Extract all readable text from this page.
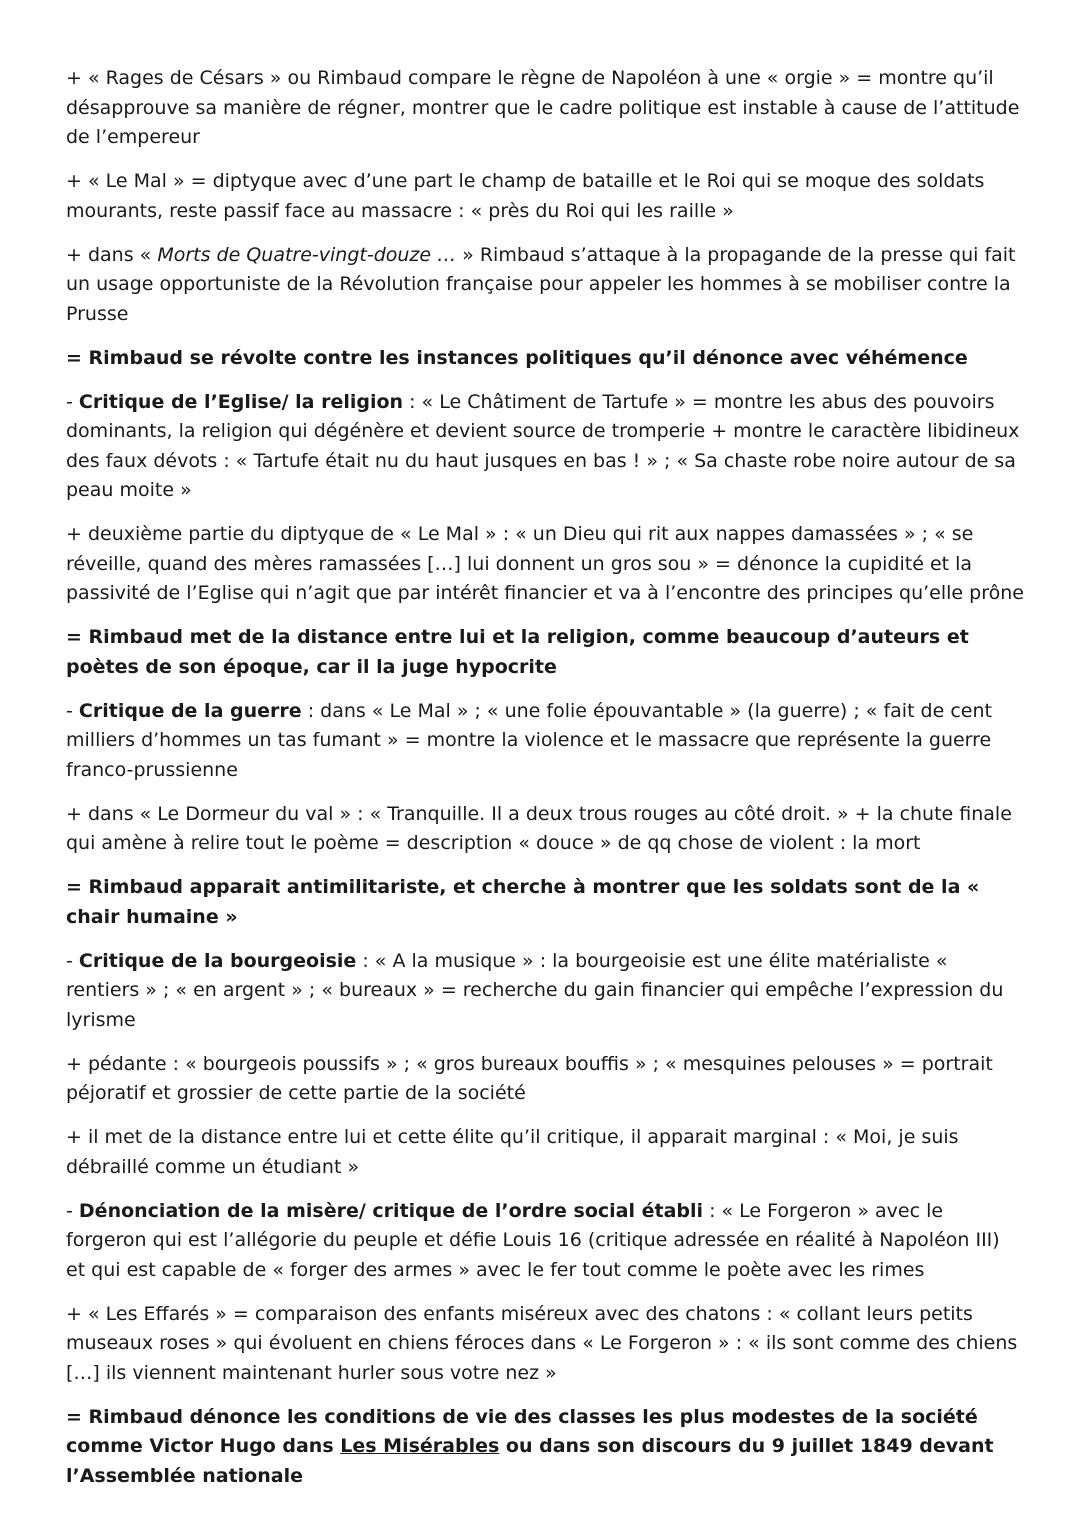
+ « Rages de Césars » ou Rimbaud compare le règne de Napoléon à une « orgie » = montre qu’il désapprouve sa manière de régner, montrer que le cadre politique est instable à cause de l’attitude de l’empereur

+ « Le Mal » = diptyque avec d’une part le champ de bataille et le Roi qui se moque des soldats mourants, reste passif face au massacre : « près du Roi qui les raille »

+ dans « Morts de Quatre-vingt-douze … » Rimbaud s’attaque à la propagande de la presse qui fait un usage opportuniste de la Révolution française pour appeler les hommes à se mobiliser contre la Prusse

= Rimbaud se révolte contre les instances politiques qu’il dénonce avec véhémence

- Critique de l’Eglise/ la religion : « Le Châtiment de Tartufe » = montre les abus des pouvoirs dominants, la religion qui dégénère et devient source de tromperie + montre le caractère libidineux des faux dévots : « Tartufe était nu du haut jusques en bas ! » ; « Sa chaste robe noire autour de sa peau moite »

+ deuxième partie du diptyque de « Le Mal » : « un Dieu qui rit aux nappes damassées » ; « se réveille, quand des mères ramassées […] lui donnent un gros sou » = dénonce la cupidité et la passivité de l’Eglise qui n’agit que par intérêt financier et va à l’encontre des principes qu’elle prône

= Rimbaud met de la distance entre lui et la religion, comme beaucoup d’auteurs et poètes de son époque, car il la juge hypocrite

- Critique de la guerre : dans « Le Mal » ; « une folie épouvantable » (la guerre) ; « fait de cent milliers d’hommes un tas fumant » = montre la violence et le massacre que représente la guerre franco-prussienne

+ dans « Le Dormeur du val » : « Tranquille. Il a deux trous rouges au côté droit. » + la chute finale qui amène à relire tout le poème = description « douce » de qq chose de violent : la mort

= Rimbaud apparait antimilitariste, et cherche à montrer que les soldats sont de la « chair humaine »

- Critique de la bourgeoisie : « A la musique » : la bourgeoisie est une élite matérialiste « rentiers » ; « en argent » ; « bureaux » = recherche du gain financier qui empêche l’expression du lyrisme

+ pédante : « bourgeois poussifs » ; « gros bureaux bouffis » ; « mesquines pelouses » = portrait péjoratif et grossier de cette partie de la société

+ il met de la distance entre lui et cette élite qu’il critique, il apparait marginal : « Moi, je suis débraillé comme un étudiant »

- Dénonciation de la misère/ critique de l’ordre social établi : « Le Forgeron » avec le forgeron qui est l’allégorie du peuple et défie Louis 16 (critique adressée en réalité à Napoléon III) et qui est capable de « forger des armes » avec le fer tout comme le poète avec les rimes

+ « Les Effarés » = comparaison des enfants miséreux avec des chatons : « collant leurs petits museaux roses » qui évoluent en chiens féroces dans « Le Forgeron » : « ils sont comme des chiens […] ils viennent maintenant hurler sous votre nez »

= Rimbaud dénonce les conditions de vie des classes les plus modestes de la société comme Victor Hugo dans Les Misérables ou dans son discours du 9 juillet 1849 devant l’Assemblée nationale
